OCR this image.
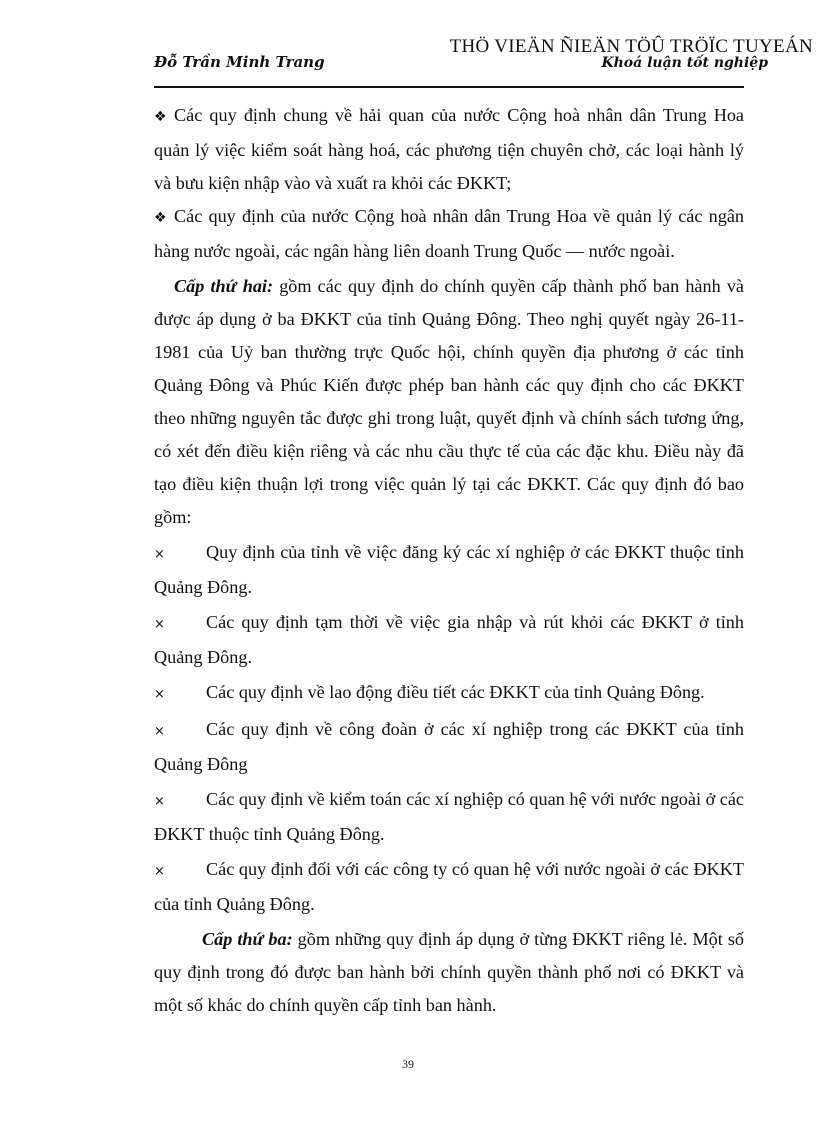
THÖ VIEÄN ÑIEÄN TÖÛ TRÖÏC TUYEÁN
Đỗ Trần Minh Trang	Khoá luận tốt nghiệp

❖ Các quy định chung về hải quan của nước Cộng hoà nhân dân Trung Hoa quản lý việc kiểm soát hàng hoá, các phương tiện chuyên chở, các loại hành lý và bưu kiện nhập vào và xuất ra khỏi các ĐKKT;

❖ Các quy định của nước Cộng hoà nhân dân Trung Hoa về quản lý các ngân hàng nước ngoài, các ngân hàng liên doanh Trung Quốc — nước ngoài.

Cấp thứ hai: gồm các quy định do chính quyền cấp thành phố ban hành và được áp dụng ở ba ĐKKT của tỉnh Quảng Đông. Theo nghị quyết ngày 26-11-1981 của Uỷ ban thường trực Quốc hội, chính quyền địa phương ở các tỉnh Quảng Đông và Phúc Kiến được phép ban hành các quy định cho các ĐKKT theo những nguyên tắc được ghi trong luật, quyết định và chính sách tương ứng, có xét đến điều kiện riêng và các nhu cầu thực tế của các đặc khu. Điều này đã tạo điều kiện thuận lợi trong việc quản lý tại các ĐKKT. Các quy định đó bao gồm:

× Quy định của tỉnh về việc đăng ký các xí nghiệp ở các ĐKKT thuộc tỉnh Quảng Đông.

× Các quy định tạm thời về việc gia nhập và rút khỏi các ĐKKT ở tỉnh Quảng Đông.

× Các quy định về lao động điều tiết các ĐKKT của tỉnh Quảng Đông.

× Các quy định về công đoàn ở các xí nghiệp trong các ĐKKT của tỉnh Quảng Đông

× Các quy định về kiểm toán các xí nghiệp có quan hệ với nước ngoài ở các ĐKKT thuộc tỉnh Quảng Đông.

× Các quy định đối với các công ty có quan hệ với nước ngoài ở các ĐKKT của tỉnh Quảng Đông.

Cấp thứ ba: gồm những quy định áp dụng ở từng ĐKKT riêng lẻ. Một số quy định trong đó được ban hành bởi chính quyền thành phố nơi có ĐKKT và một số khác do chính quyền cấp tỉnh ban hành.

39
